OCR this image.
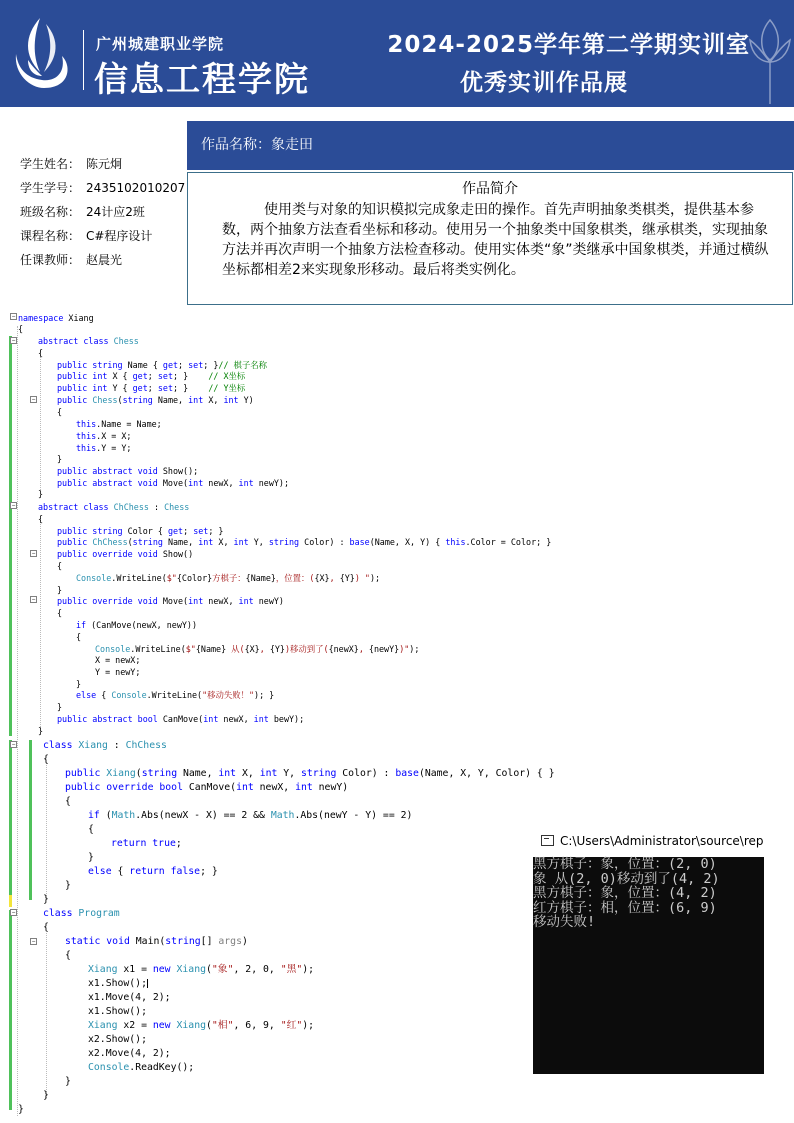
广州城建职业学院
信息工程学院
2024-2025学年第二学期实训室
优秀实训作品展
学生姓名： 陈元炯
学生学号： 2435102010207
班级名称： 24计应2班
课程名称： C#程序设计
任课教师： 赵晨光
作品名称：象走田
作品简介
使用类与对象的知识模拟完成象走田的操作。首先声明抽象类棋类，提供基本参数，两个抽象方法查看坐标和移动。使用另一个抽象类中国象棋类，继承棋类，实现抽象方法并再次声明一个抽象方法检查移动。使用实体类“象”类继承中国象棋类，并通过横纵坐标都相差2来实现象形移动。最后将类实例化。
−
−
−
−
−
−
−
−
−
namespace Xiang
{
abstract class Chess
{
public string Name { get; set; }// 棋子名称
public int X { get; set; }    // X坐标
public int Y { get; set; }    // Y坐标
public Chess(string Name, int X, int Y)
{
this.Name = Name;
this.X = X;
this.Y = Y;
}
public abstract void Show();
public abstract void Move(int newX, int newY);
}
abstract class ChChess : Chess
{
public string Color { get; set; }
public ChChess(string Name, int X, int Y, string Color) : base(Name, X, Y) { this.Color = Color; }
public override void Show()
{
Console.WriteLine($"{Color}方棋子：{Name}，位置：({X}, {Y}) ");
}
public override void Move(int newX, int newY)
{
if (CanMove(newX, newY))
{
Console.WriteLine($"{Name} 从({X}, {Y})移动到了({newX}, {newY})");
X = newX;
Y = newY;
}
else { Console.WriteLine("移动失败！"); }
}
public abstract bool CanMove(int newX, int bewY);
}
class Xiang : ChChess
{
public Xiang(string Name, int X, int Y, string Color) : base(Name, X, Y, Color) { }
public override bool CanMove(int newX, int newY)
{
if (Math.Abs(newX - X) == 2 && Math.Abs(newY - Y) == 2)
{
return true;
}
else { return false; }
}
}
class Program
{
static void Main(string[] args)
{
Xiang x1 = new Xiang("象", 2, 0, "黑");
x1.Show();
x1.Move(4, 2);
x1.Show();
Xiang x2 = new Xiang("相", 6, 9, "红");
x2.Show();
x2.Move(4, 2);
Console.ReadKey();
}
}
}
C:\Users\Administrator\source\rep
黑方棋子：象，位置：(2, 0)
象 从(2, 0)移动到了(4, 2)
黑方棋子：象，位置：(4, 2)
红方棋子：相，位置：(6, 9)
移动失败!
